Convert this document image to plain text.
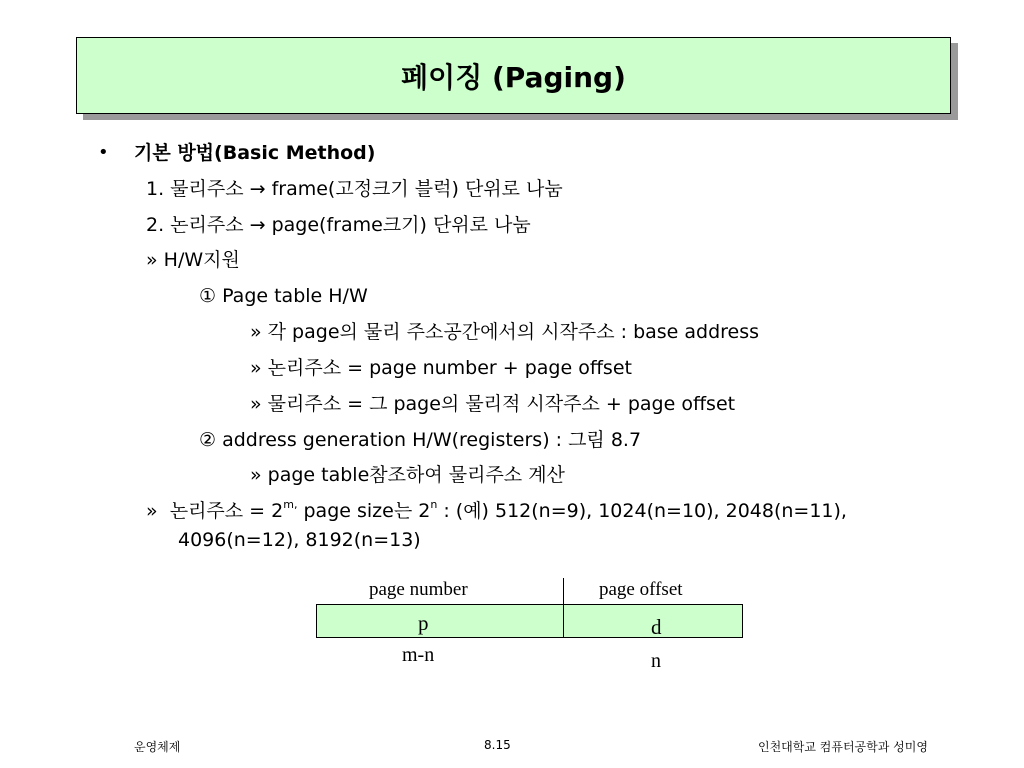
페이징 (Paging)
• 기본 방법(Basic Method)
1. 물리주소 → frame(고정크기 블럭) 단위로 나눔
2. 논리주소 → page(frame크기) 단위로 나눔
» H/W지원
① Page table H/W
» 각 page의 물리 주소공간에서의 시작주소 : base address
» 논리주소 = page number + page offset
» 물리주소 = 그 page의 물리적 시작주소 + page offset
② address generation H/W(registers) : 그림 8.7
» page table참조하여 물리주소 계산
» 논리주소 = $2^{m,}$ page size는 2$^n$ : (예) 512(n=9), 1024(n=10), 2048(n=11),
4096(n=12), 8192(n=13)
page number	page offset
p	d
m-n	n
운영체제	8.15	인천대학교 컴퓨터공학과 성미영
